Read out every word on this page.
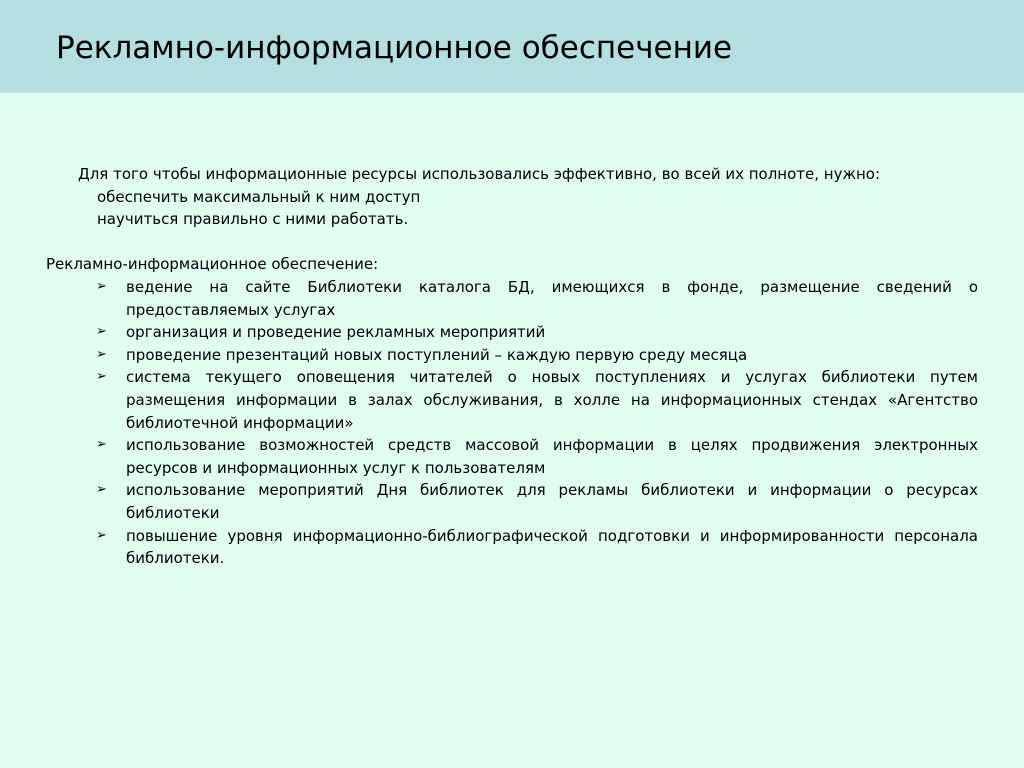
Рекламно-информационное обеспечение

Для того чтобы информационные ресурсы использовались эффективно, во всей их полноте, нужно:

обеспечить максимальный к ним доступ

научиться правильно с ними работать.

Рекламно-информационное обеспечение:

➢ ведение на сайте Библиотеки каталога БД, имеющихся в фонде, размещение сведений о предоставляемых услугах
➢ организация и проведение рекламных мероприятий
➢ проведение презентаций новых поступлений – каждую первую среду месяца
➢ система текущего оповещения читателей о новых поступлениях и услугах библиотеки путем размещения информации в залах обслуживания, в холле на информационных стендах «Агентство библиотечной информации»
➢ использование возможностей средств массовой информации в целях продвижения электронных ресурсов и информационных услуг к пользователям
➢ использование мероприятий Дня библиотек для рекламы библиотеки и информации о ресурсах библиотеки
➢ повышение уровня информационно-библиографической подготовки и информированности персонала библиотеки.
